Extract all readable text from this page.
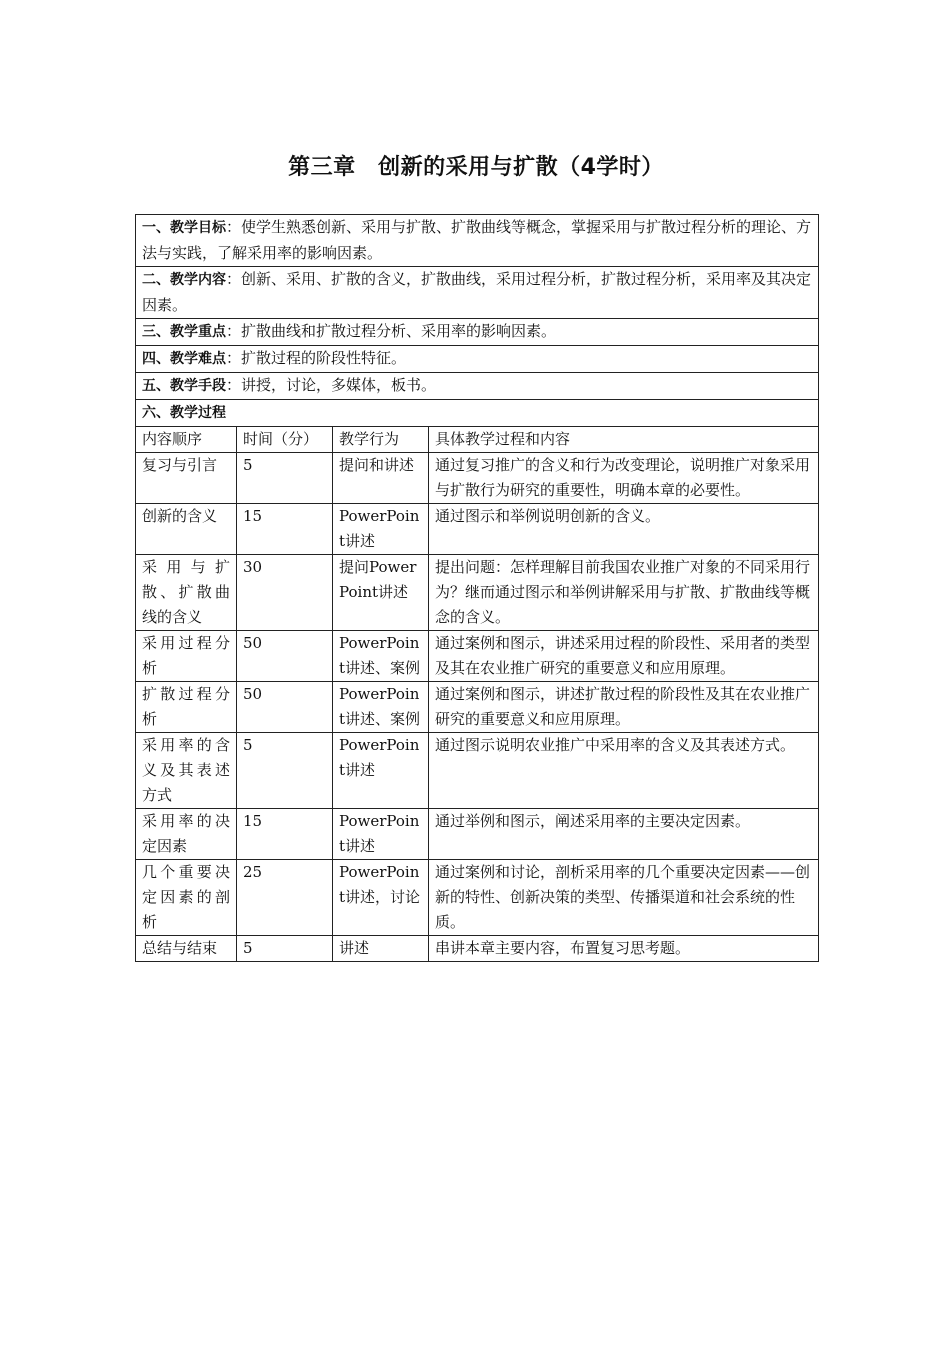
第三章　创新的采用与扩散（4学时）
一、教学目标：使学生熟悉创新、采用与扩散、扩散曲线等概念，掌握采用与扩散过程分析的理论、方法与实践，了解采用率的影响因素。			
二、教学内容：创新、采用、扩散的含义，扩散曲线，采用过程分析，扩散过程分析，采用率及其决定因素。			
三、教学重点：扩散曲线和扩散过程分析、采用率的影响因素。			
四、教学难点：扩散过程的阶段性特征。			
五、教学手段：讲授，讨论，多媒体，板书。			
六、教学过程			
内容顺序	时间（分）	教学行为	具体教学过程和内容
复习与引言	5	提问和讲述	通过复习推广的含义和行为改变理论，说明推广对象采用与扩散行为研究的重要性，明确本章的必要性。
创新的含义	15	PowerPoint讲述	通过图示和举例说明创新的含义。
采用与扩散、扩散曲线的含义	30	提问PowerPoint讲述	提出问题：怎样理解目前我国农业推广对象的不同采用行为？继而通过图示和举例讲解采用与扩散、扩散曲线等概念的含义。
采用过程分析	50	PowerPoint讲述、案例	通过案例和图示，讲述采用过程的阶段性、采用者的类型及其在农业推广研究的重要意义和应用原理。
扩散过程分析	50	PowerPoint讲述、案例	通过案例和图示，讲述扩散过程的阶段性及其在农业推广研究的重要意义和应用原理。
采用率的含义及其表述方式	5	PowerPoint讲述	通过图示说明农业推广中采用率的含义及其表述方式。
采用率的决定因素	15	PowerPoint讲述	通过举例和图示，阐述采用率的主要决定因素。
几个重要决定因素的剖析	25	PowerPoint讲述，讨论	通过案例和讨论，剖析采用率的几个重要决定因素——创新的特性、创新决策的类型、传播渠道和社会系统的性质。
总结与结束	5	讲述	串讲本章主要内容，布置复习思考题。
